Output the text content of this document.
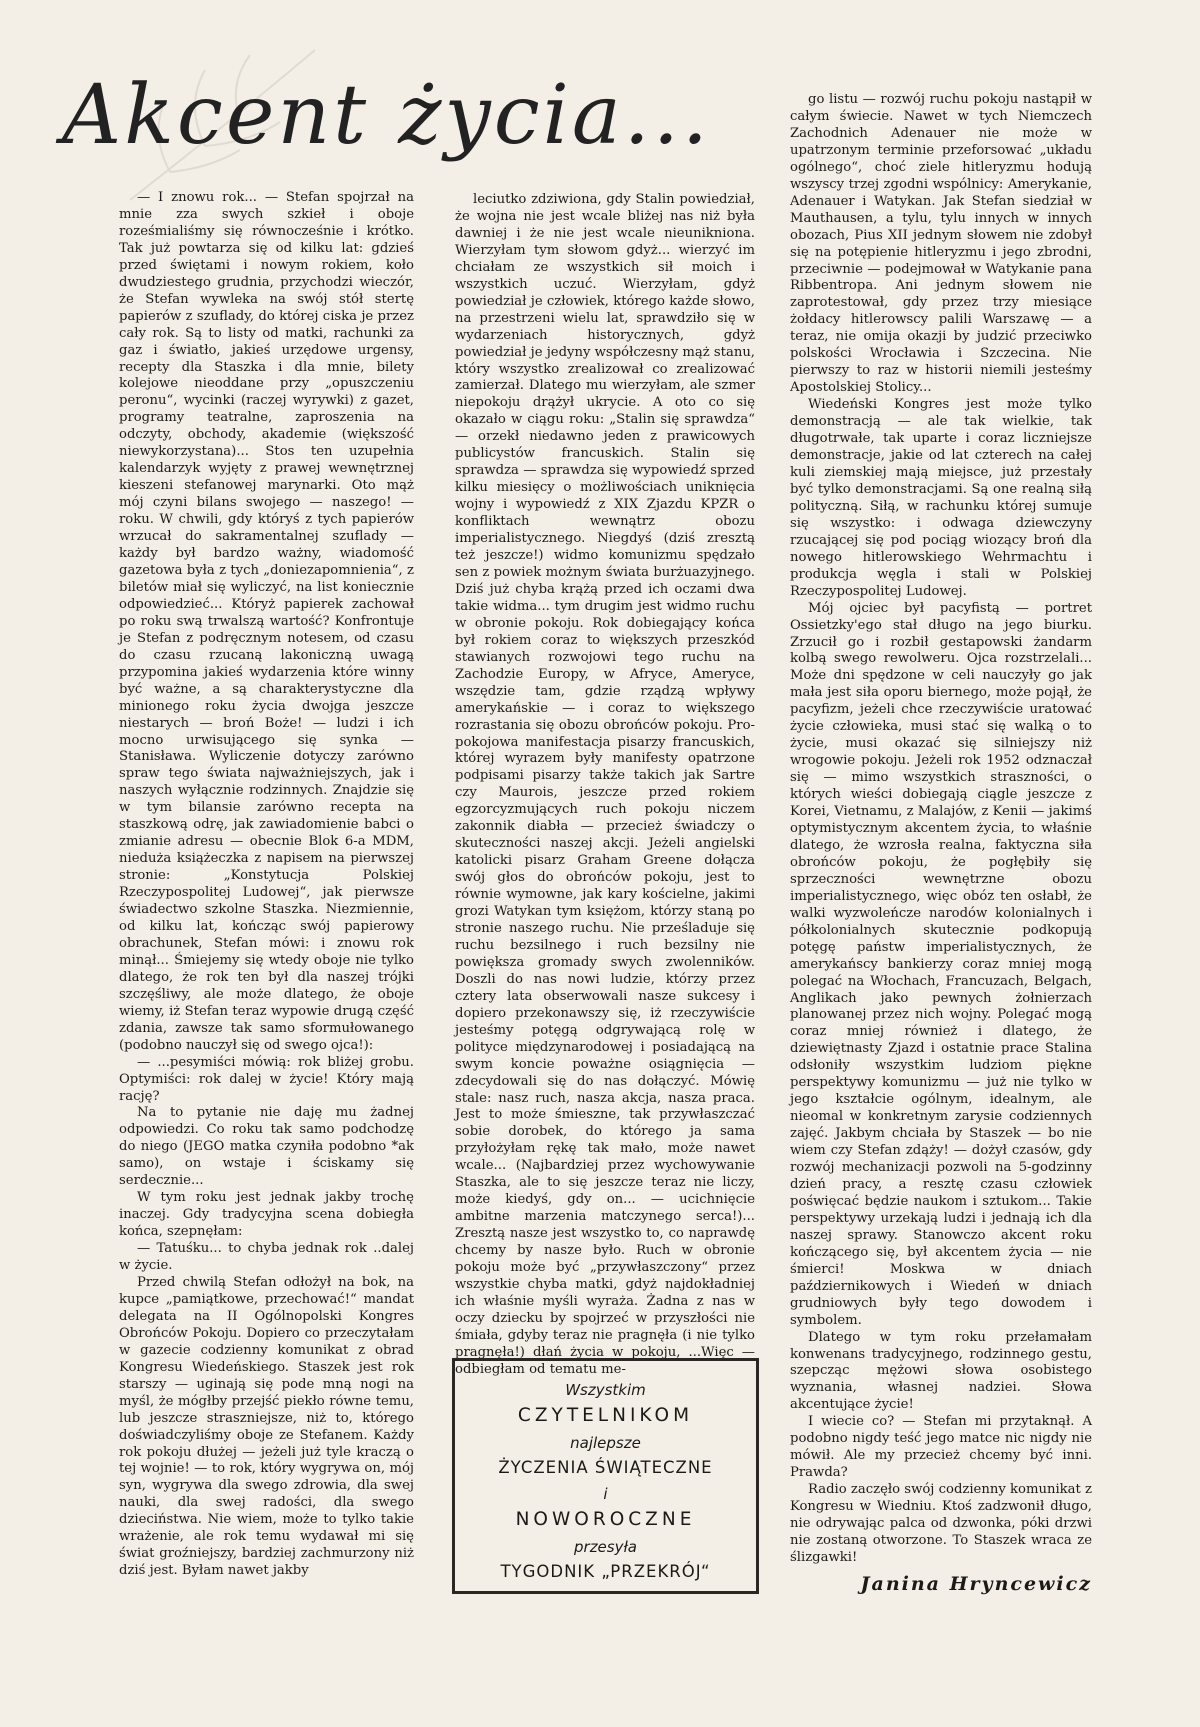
Akcent życia...

— I znowu rok... — Stefan spojrzał na mnie zza swych szkieł i oboje roześmialiśmy się równocześnie i krótko. Tak już powtarza się od kilku lat: gdzieś przed świętami i nowym rokiem, koło dwudziestego grudnia, przychodzi wieczór, że Stefan wywleka na swój stół stertę papierów z szuflady, do której ciska je przez cały rok. Są to listy od matki, rachunki za gaz i światło, jakieś urzędowe urgensy, recepty dla Staszka i dla mnie, bilety kolejowe nieoddane przy „opuszczeniu peronu“, wycinki (raczej wyrywki) z gazet, programy teatralne, zaproszenia na odczyty, obchody, akademie (większość niewykorzystana)... Stos ten uzupełnia kalendarzyk wyjęty z prawej wewnętrznej kieszeni stefanowej marynarki. Oto mąż mój czyni bilans swojego — naszego! — roku. W chwili, gdy któryś z tych papierów wrzucał do sakramentalnej szuflady — każdy był bardzo ważny, wiadomość gazetowa była z tych „doniezapomnienia“, z biletów miał się wyliczyć, na list koniecznie odpowiedzieć... Któryż papierek zachował po roku swą trwalszą wartość? Konfrontuje je Stefan z podręcznym notesem, od czasu do czasu rzucaną lakoniczną uwagą przypomina jakieś wydarzenia które winny być ważne, a są charakterystyczne dla minionego roku życia dwojga jeszcze niestarych — broń Boże! — ludzi i ich mocno urwisującego się synka — Stanisława. Wyliczenie dotyczy zarówno spraw tego świata najważniejszych, jak i naszych wyłącznie rodzinnych. Znajdzie się w tym bilansie zarówno recepta na staszkową odrę, jak zawiadomienie babci o zmianie adresu — obecnie Blok 6-a MDM, nieduża książeczka z napisem na pierwszej stronie: „Konstytucja Polskiej Rzeczypospolitej Ludowej“, jak pierwsze świadectwo szkolne Staszka. Niezmiennie, od kilku lat, kończąc swój papierowy obrachunek, Stefan mówi: i znowu rok minął... Śmiejemy się wtedy oboje nie tylko dlatego, że rok ten był dla naszej trójki szczęśliwy, ale może dlatego, że oboje wiemy, iż Stefan teraz wypowie drugą część zdania, zawsze tak samo sformułowanego (podobno nauczył się od swego ojca!):

— ...pesymiści mówią: rok bliżej grobu. Optymiści: rok dalej w życie! Który mają rację?

Na to pytanie nie daję mu żadnej odpowiedzi. Co roku tak samo podchodzę do niego (JEGO matka czyniła podobno *ak samo), on wstaje i ściskamy się serdecznie...

W tym roku jest jednak jakby trochę inaczej. Gdy tradycyjna scena dobiegła końca, szepnęłam:

— Tatuśku... to chyba jednak rok ..dalej w życie.

Przed chwilą Stefan odłożył na bok, na kupce „pamiątkowe, przechować!“ mandat delegata na II Ogólnopolski Kongres Obrońców Pokoju. Dopiero co przeczytałam w gazecie codzienny komunikat z obrad Kongresu Wiedeńskiego. Staszek jest rok starszy — uginają się pode mną nogi na myśl, że mógłby przejść piekło równe temu, lub jeszcze straszniejsze, niż to, którego doświadczyliśmy oboje ze Stefanem. Każdy rok pokoju dłużej — jeżeli już tyle kraczą o tej wojnie! — to rok, który wygrywa on, mój syn, wygrywa dla swego zdrowia, dla swej nauki, dla swej radości, dla swego dzieciństwa. Nie wiem, może to tylko takie wrażenie, ale rok temu wydawał mi się świat groźniejszy, bardziej zachmurzony niż dziś jest. Byłam nawet jakby

leciutko zdziwiona, gdy Stalin powiedział, że wojna nie jest wcale bliżej nas niż była dawniej i że nie jest wcale nieunikniona. Wierzyłam tym słowom gdyż... wierzyć im chciałam ze wszystkich sił moich i wszystkich uczuć. Wierzyłam, gdyż powiedział je człowiek, którego każde słowo, na przestrzeni wielu lat, sprawdziło się w wydarzeniach historycznych, gdyż powiedział je jedyny współczesny mąż stanu, który wszystko zrealizował co zrealizować zamierzał. Dlatego mu wierzyłam, ale szmer niepokoju drążył ukrycie. A oto co się okazało w ciągu roku: „Stalin się sprawdza“ — orzekł niedawno jeden z prawicowych publicystów francuskich. Stalin się sprawdza — sprawdza się wypowiedź sprzed kilku miesięcy o możliwościach uniknięcia wojny i wypowiedź z XIX Zjazdu KPZR o konfliktach wewnątrz obozu imperialistycznego. Niegdyś (dziś zresztą też jeszcze!) widmo komunizmu spędzało sen z powiek możnym świata burżuazyjnego. Dziś już chyba krążą przed ich oczami dwa takie widma... tym drugim jest widmo ruchu w obronie pokoju. Rok dobiegający końca był rokiem coraz to większych przeszkód stawianych rozwojowi tego ruchu na Zachodzie Europy, w Afryce, Ameryce, wszędzie tam, gdzie rządzą wpływy amerykańskie — i coraz to większego rozrastania się obozu obrońców pokoju. Pro-pokojowa manifestacja pisarzy francuskich, której wyrazem były manifesty opatrzone podpisami pisarzy także takich jak Sartre czy Maurois, jeszcze przed rokiem egzorcyzmujących ruch pokoju niczem zakonnik diabła — przecież świadczy o skuteczności naszej akcji. Jeżeli angielski katolicki pisarz Graham Greene dołącza swój głos do obrońców pokoju, jest to równie wymowne, jak kary kościelne, jakimi grozi Watykan tym księżom, którzy staną po stronie naszego ruchu. Nie prześladuje się ruchu bezsilnego i ruch bezsilny nie powiększa gromady swych zwolenników. Doszli do nas nowi ludzie, którzy przez cztery lata obserwowali nasze sukcesy i dopiero przekonawszy się, iż rzeczywiście jesteśmy potęgą odgrywającą rolę w polityce międzynarodowej i posiadającą na swym koncie poważne osiągnięcia — zdecydowali się do nas dołączyć. Mówię stale: nasz ruch, nasza akcja, nasza praca. Jest to może śmieszne, tak przywłaszczać sobie dorobek, do którego ja sama przyłożyłam rękę tak mało, może nawet wcale... (Najbardziej przez wychowywanie Staszka, ale to się jeszcze teraz nie liczy, może kiedyś, gdy on... — ucichnięcie ambitne marzenia matczynego serca!)... Zresztą nasze jest wszystko to, co naprawdę chcemy by nasze było. Ruch w obronie pokoju może być „przywłaszczony“ przez wszystkie chyba matki, gdyż najdokładniej ich właśnie myśli wyraża. Żadna z nas w oczy dziecku by spojrzeć w przyszłości nie śmiała, gdyby teraz nie pragnęła (i nie tylko pragnęła!) dłań życia w pokoju, ...Więc — odbiegłam od tematu me-

go listu — rozwój ruchu pokoju nastąpił w całym świecie. Nawet w tych Niemczech Zachodnich Adenauer nie może w upatrzonym terminie przeforsować „układu ogólnego“, choć ziele hitleryzmu hodują wszyscy trzej zgodni wspólnicy: Amerykanie, Adenauer i Watykan. Jak Stefan siedział w Mauthausen, a tylu, tylu innych w innych obozach, Pius XII jednym słowem nie zdobył się na potępienie hitleryzmu i jego zbrodni, przeciwnie — podejmował w Watykanie pana Ribbentropa. Ani jednym słowem nie zaprotestował, gdy przez trzy miesiące żołdacy hitlerowscy palili Warszawę — a teraz, nie omija okazji by judzić przeciwko polskości Wrocławia i Szczecina. Nie pierwszy to raz w historii niemili jesteśmy Apostolskiej Stolicy...

Wiedeński Kongres jest może tylko demonstracją — ale tak wielkie, tak długotrwałe, tak uparte i coraz liczniejsze demonstracje, jakie od lat czterech na całej kuli ziemskiej mają miejsce, już przestały być tylko demonstracjami. Są one realną siłą polityczną. Siłą, w rachunku której sumuje się wszystko: i odwaga dziewczyny rzucającej się pod pociąg wiozący broń dla nowego hitlerowskiego Wehrmachtu i produkcja węgla i stali w Polskiej Rzeczypospolitej Ludowej.

Mój ojciec był pacyfistą — portret Ossietzky'ego stał długo na jego biurku. Zrzucił go i rozbił gestapowski żandarm kolbą swego rewolweru. Ojca rozstrzelali... Może dni spędzone w celi nauczyły go jak mała jest siła oporu biernego, może pojął, że pacyfizm, jeżeli chce rzeczywiście uratować życie człowieka, musi stać się walką o to życie, musi okazać się silniejszy niż wrogowie pokoju. Jeżeli rok 1952 odznaczał się — mimo wszystkich straszności, o których wieści dobiegają ciągle jeszcze z Korei, Vietnamu, z Malajów, z Kenii — jakimś optymistycznym akcentem życia, to właśnie dlatego, że wzrosła realna, faktyczna siła obrońców pokoju, że pogłębiły się sprzeczności wewnętrzne obozu imperialistycznego, więc obóz ten osłabł, że walki wyzwoleńcze narodów kolonialnych i półkolonialnych skutecznie podkopują potęgę państw imperialistycznych, że amerykańscy bankierzy coraz mniej mogą polegać na Włochach, Francuzach, Belgach, Anglikach jako pewnych żołnierzach planowanej przez nich wojny. Polegać mogą coraz mniej również i dlatego, że dziewiętnasty Zjazd i ostatnie prace Stalina odsłoniły wszystkim ludziom piękne perspektywy komunizmu — już nie tylko w jego kształcie ogólnym, idealnym, ale nieomal w konkretnym zarysie codziennych zajęć. Jakbym chciała by Staszek — bo nie wiem czy Stefan zdąży! — dożył czasów, gdy rozwój mechanizacji pozwoli na 5-godzinny dzień pracy, a resztę czasu człowiek poświęcać będzie naukom i sztukom... Takie perspektywy urzekają ludzi i jednają ich dla naszej sprawy. Stanowczo akcent roku kończącego się, był akcentem życia — nie śmierci! Moskwa w dniach październikowych i Wiedeń w dniach grudniowych były tego dowodem i symbolem.

Dlatego w tym roku przełamałam konwenans tradycyjnego, rodzinnego gestu, szepcząc mężowi słowa osobistego wyznania, własnej nadziei. Słowa akcentujące życie!

I wiecie co? — Stefan mi przytaknął. A podobno nigdy teść jego matce nic nigdy nie mówił. Ale my przecież chcemy być inni. Prawda?

Radio zaczęło swój codzienny komunikat z Kongresu w Wiedniu. Ktoś zadzwonił długo, nie odrywając palca od dzwonka, póki drzwi nie zostaną otworzone. To Staszek wraca ze ślizgawki!

Wszystkim
CZYTELNIKOM
najlepsze
ŻYCZENIA ŚWIĄTECZNE
i
NOWOROCZNE
przesyła
TYGODNIK „PRZEKRÓJ“

Janina Hryncewicz
